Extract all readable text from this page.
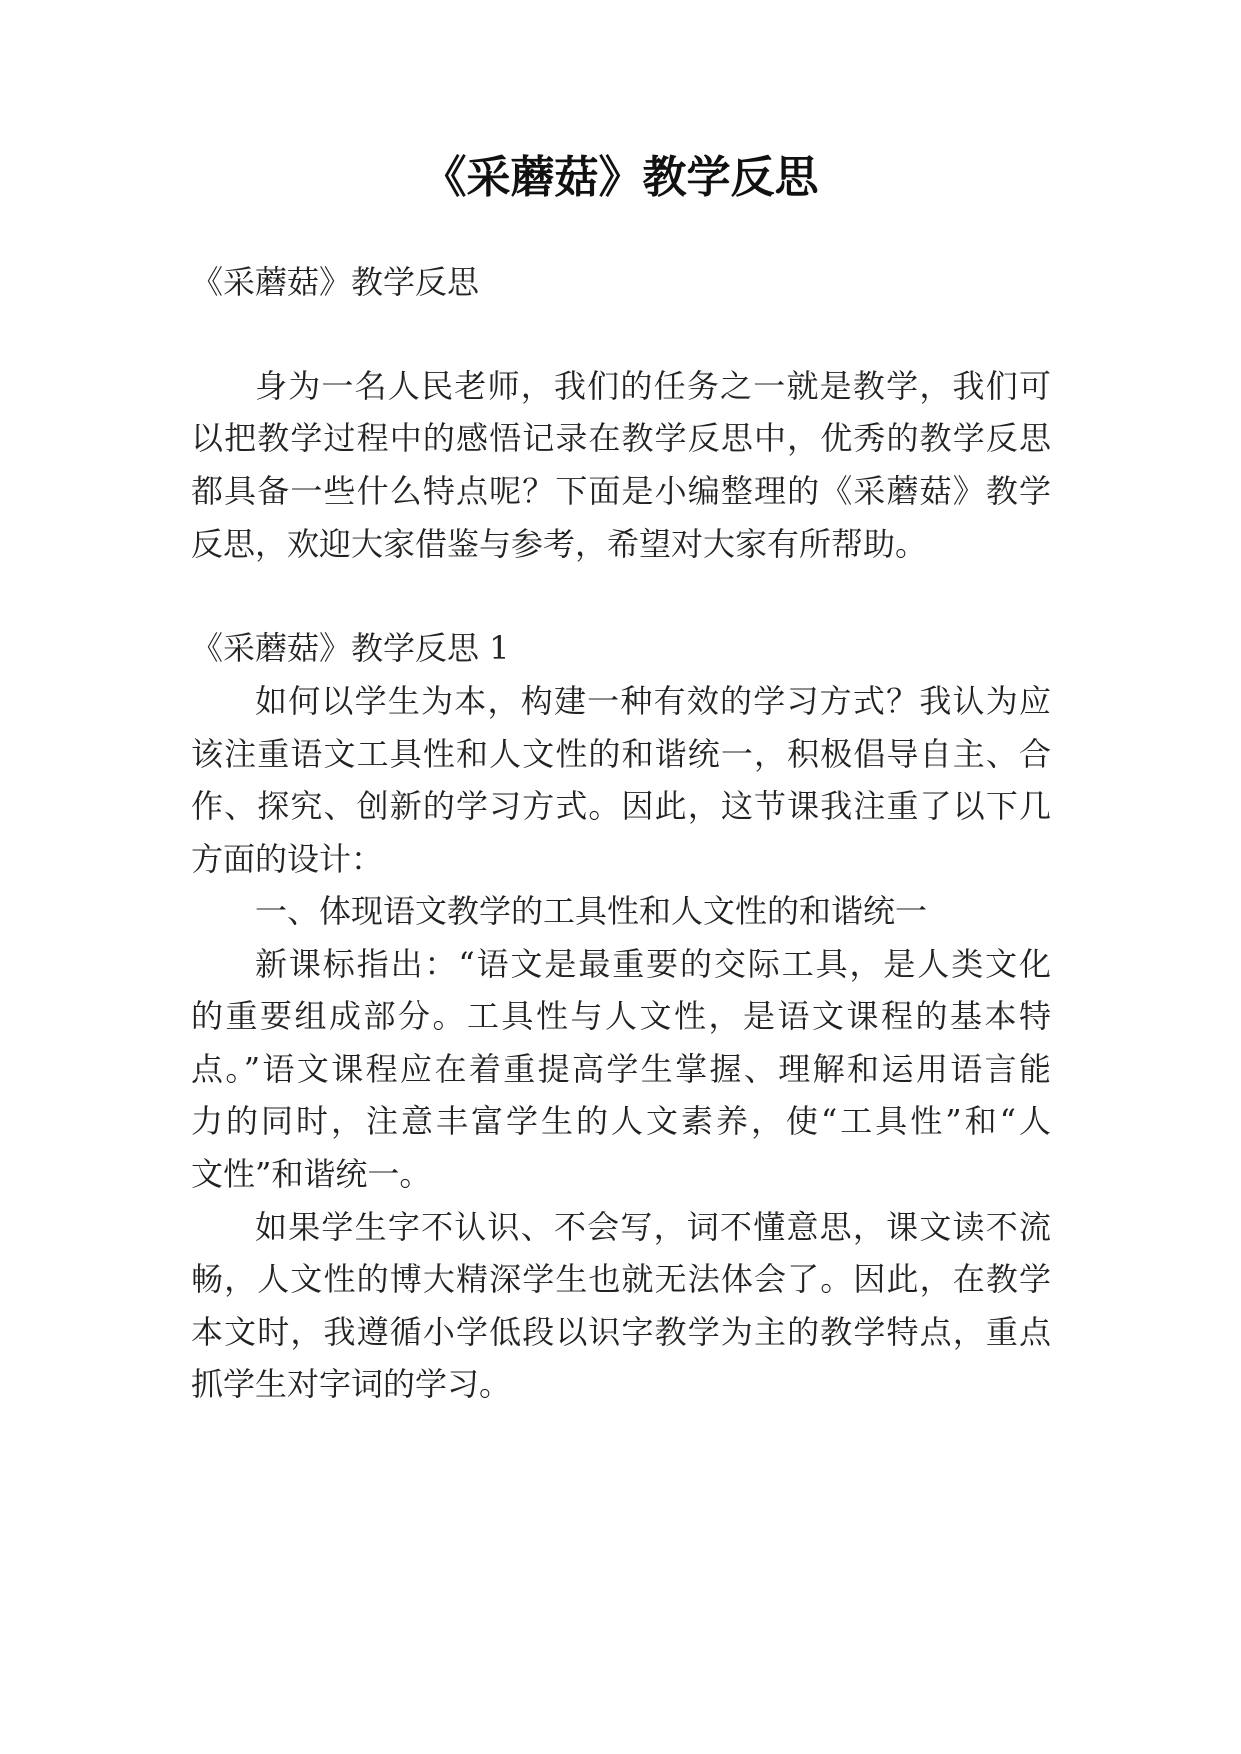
《采蘑菇》教学反思

《采蘑菇》教学反思

身为一名人民老师，我们的任务之一就是教学，我们可

以把教学过程中的感悟记录在教学反思中，优秀的教学反思

都具备一些什么特点呢？下面是小编整理的《采蘑菇》教学

反思，欢迎大家借鉴与参考，希望对大家有所帮助。

《采蘑菇》教学反思 1

如何以学生为本，构建一种有效的学习方式？我认为应

该注重语文工具性和人文性的和谐统一，积极倡导自主、合

作、探究、创新的学习方式。因此，这节课我注重了以下几

方面的设计：

一、体现语文教学的工具性和人文性的和谐统一

新课标指出：“语文是最重要的交际工具，是人类文化

的重要组成部分。工具性与人文性，是语文课程的基本特

点。”语文课程应在着重提高学生掌握、理解和运用语言能

力的同时，注意丰富学生的人文素养，使“工具性”和“人

文性”和谐统一。

如果学生字不认识、不会写，词不懂意思，课文读不流

畅，人文性的博大精深学生也就无法体会了。因此，在教学

本文时，我遵循小学低段以识字教学为主的教学特点，重点

抓学生对字词的学习。
